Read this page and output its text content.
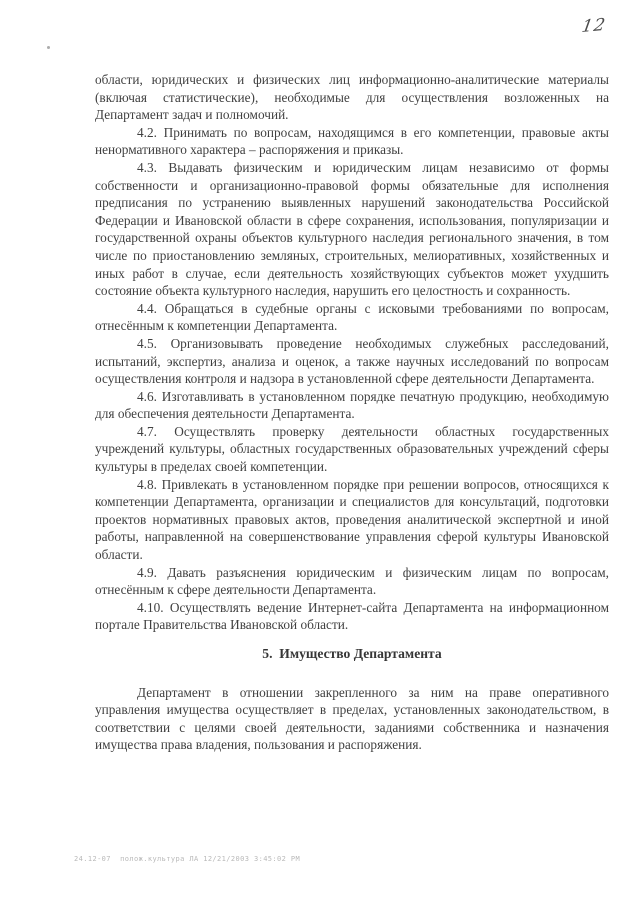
12

области, юридических и физических лиц информационно-аналитические материалы (включая статистические), необходимые для осуществления возложенных на Департамент задач и полномочий.

4.2. Принимать по вопросам, находящимся в его компетенции, правовые акты ненормативного характера – распоряжения и приказы.

4.3. Выдавать физическим и юридическим лицам независимо от формы собственности и организационно-правовой формы обязательные для исполнения предписания по устранению выявленных нарушений законодательства Российской Федерации и Ивановской области в сфере сохранения, использования, популяризации и государственной охраны объектов культурного наследия регионального значения, в том числе по приостановлению земляных, строительных, мелиоративных, хозяйственных и иных работ в случае, если деятельность хозяйствующих субъектов может ухудшить состояние объекта культурного наследия, нарушить его целостность и сохранность.

4.4. Обращаться в судебные органы с исковыми требованиями по вопросам, отнесённым к компетенции Департамента.

4.5. Организовывать проведение необходимых служебных расследований, испытаний, экспертиз, анализа и оценок, а также научных исследований по вопросам осуществления контроля и надзора в установленной сфере деятельности Департамента.

4.6. Изготавливать в установленном порядке печатную продукцию, необходимую для обеспечения деятельности Департамента.

4.7. Осуществлять проверку деятельности областных государственных учреждений культуры, областных государственных образовательных учреждений сферы культуры в пределах своей компетенции.

4.8. Привлекать в установленном порядке при решении вопросов, относящихся к компетенции Департамента, организации и специалистов для консультаций, подготовки проектов нормативных правовых актов, проведения аналитической экспертной и иной работы, направленной на совершенствование управления сферой культуры Ивановской области.

4.9. Давать разъяснения юридическим и физическим лицам по вопросам, отнесённым к сфере деятельности Департамента.

4.10. Осуществлять ведение Интернет-сайта Департамента на информационном портале Правительства Ивановской области.

5.  Имущество Департамента

Департамент в отношении закрепленного за ним на праве оперативного управления имущества осуществляет в пределах, установленных законодательством, в соответствии с целями своей деятельности, заданиями собственника и назначения имущества права владения, пользования и распоряжения.

24.12-07  полож.культура ЛА 12/21/2003 3:45:02 PM
